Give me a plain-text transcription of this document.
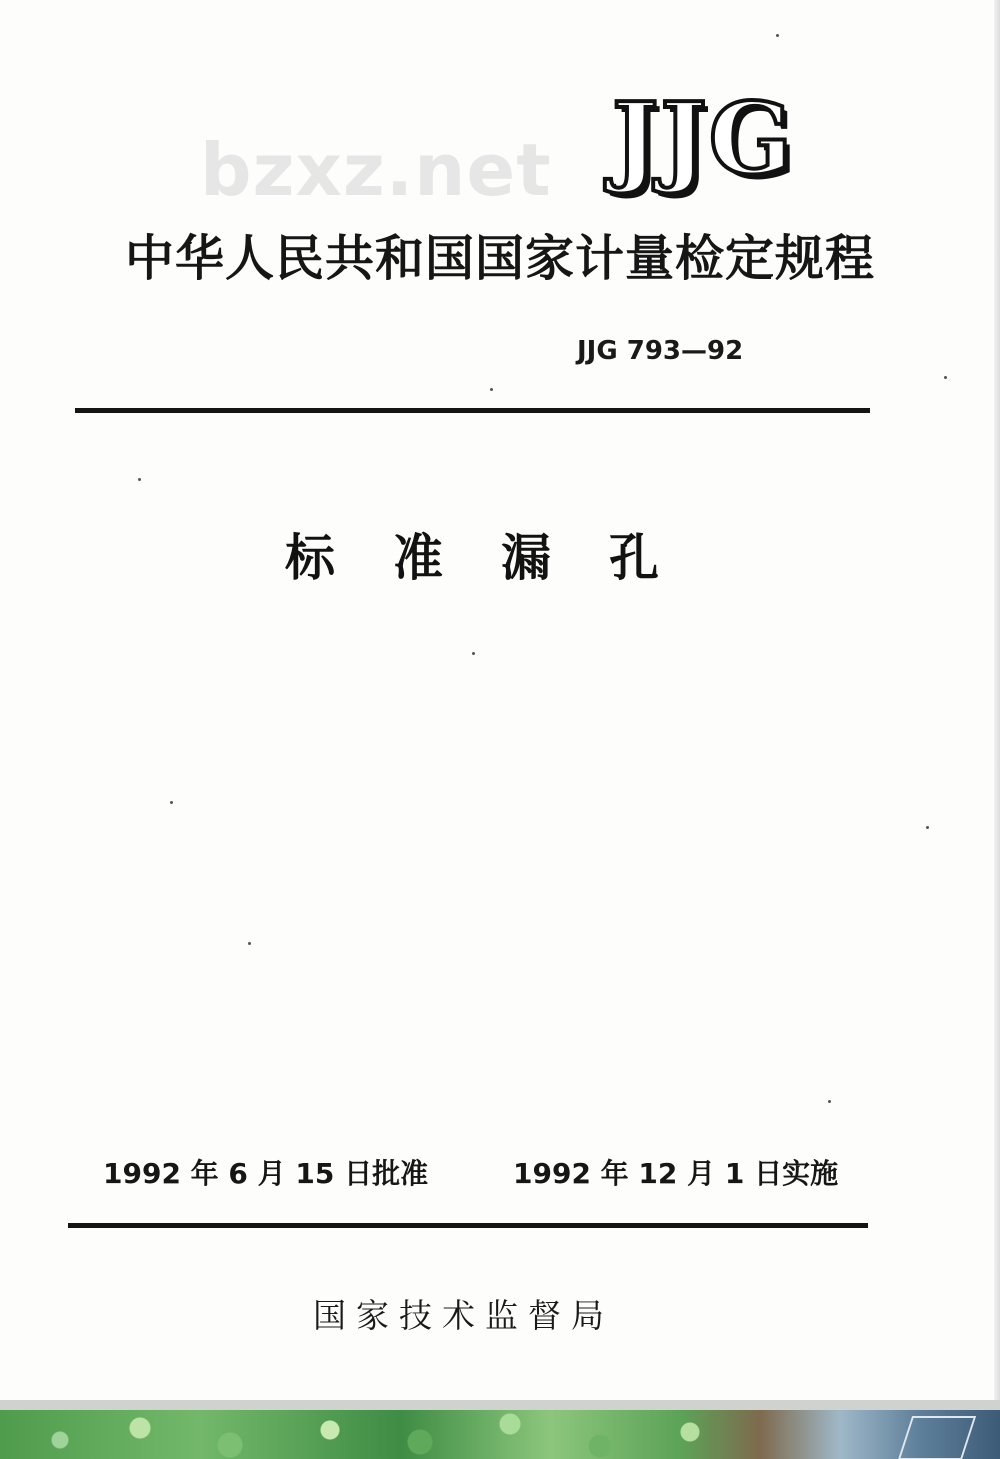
bzxz.net JJG
中华人民共和国国家计量检定规程
JJG 793—92
标准漏孔
1992 年 6 月 15 日批准	1992 年 12 月 1 日实施
国家技术监督局
